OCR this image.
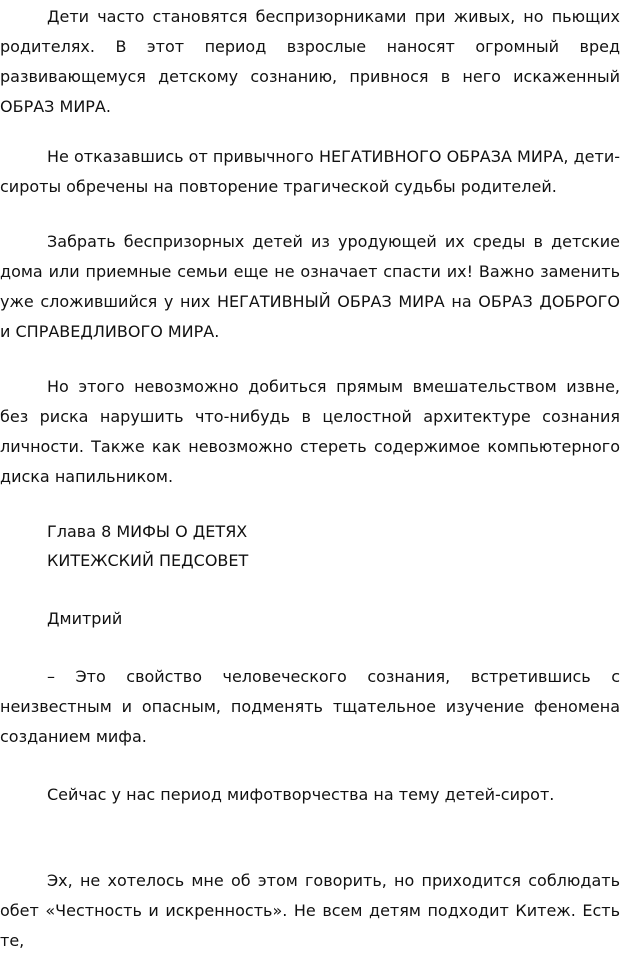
Дети часто становятся беспризорниками при живых, но пьющих родителях. В этот период взрослые наносят огромный вред развивающемуся детскому сознанию, привнося в него искаженный ОБРАЗ МИРА.

Не отказавшись от привычного НЕГАТИВНОГО ОБРАЗА МИРА, дети-сироты обречены на повторение трагической судьбы родителей.

Забрать беспризорных детей из уродующей их среды в детские дома или приемные семьи еще не означает спасти их! Важно заменить уже сложившийся у них НЕГАТИВНЫЙ ОБРАЗ МИРА на ОБРАЗ ДОБРОГО и СПРАВЕДЛИВОГО МИРА.

Но этого невозможно добиться прямым вмешательством извне, без риска нарушить что-нибудь в целостной архитектуре сознания личности. Также как невозможно стереть содержимое компьютерного диска напильником.

Глава 8 МИФЫ О ДЕТЯХ

КИТЕЖСКИЙ ПЕДСОВЕТ

Дмитрий

– Это свойство человеческого сознания, встретившись с неизвестным и опасным, подменять тщательное изучение феномена созданием мифа.

Сейчас у нас период мифотворчества на тему детей-сирот.

Эх, не хотелось мне об этом говорить, но приходится соблюдать обет «Честность и искренность». Не всем детям подходит Китеж. Есть те,
